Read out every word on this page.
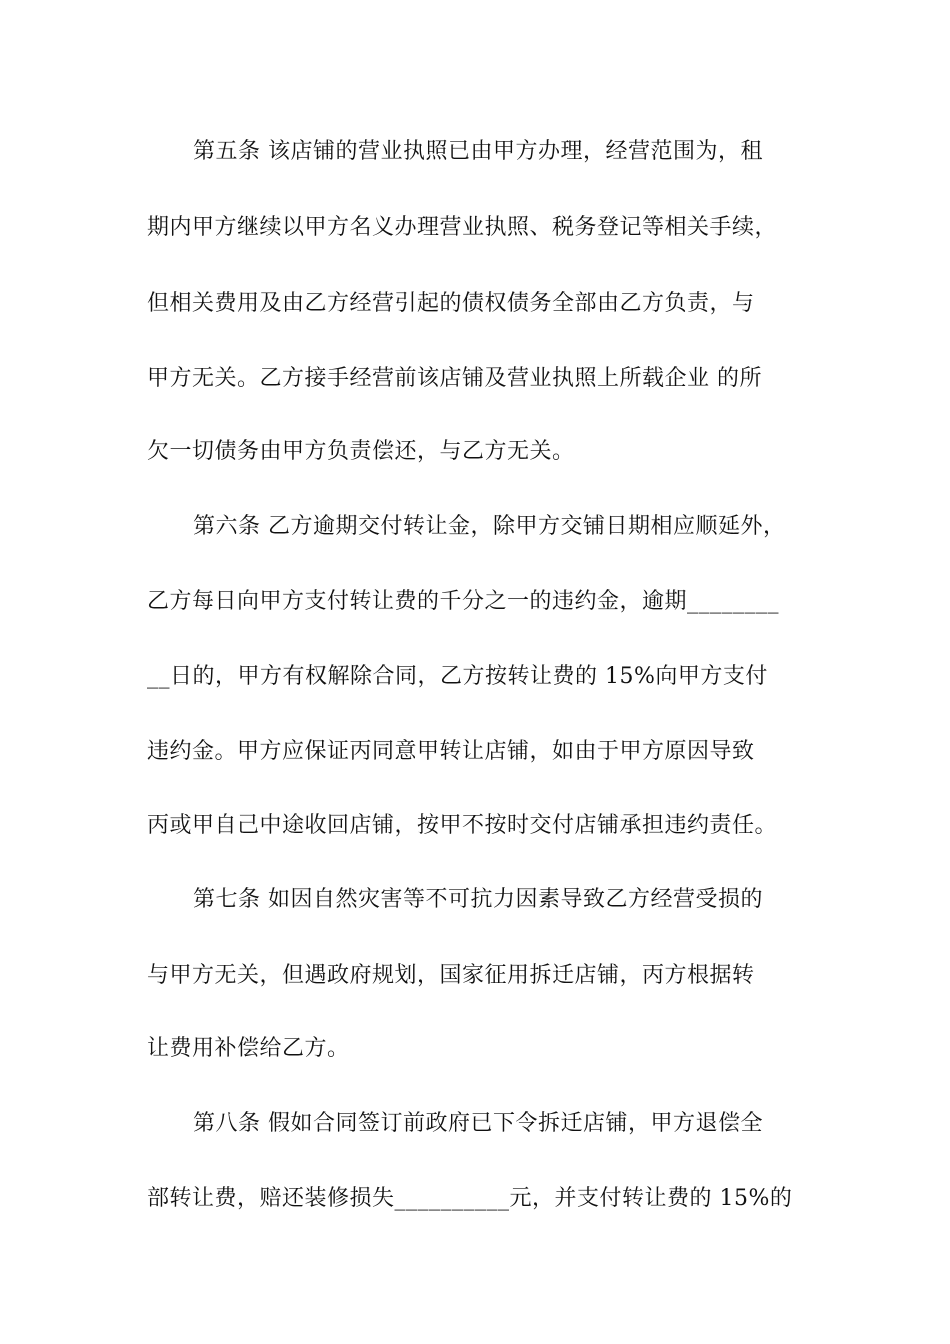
第五条 该店铺的营业执照已由甲方办理，经营范围为，租
期内甲方继续以甲方名义办理营业执照、税务登记等相关手续，
但相关费用及由乙方经营引起的债权债务全部由乙方负责，与
甲方无关。乙方接手经营前该店铺及营业执照上所载企业 的所
欠一切债务由甲方负责偿还，与乙方无关。
第六条 乙方逾期交付转让金，除甲方交铺日期相应顺延外，
乙方每日向甲方支付转让费的千分之一的违约金，逾期________
__日的，甲方有权解除合同，乙方按转让费的 15%向甲方支付
违约金。甲方应保证丙同意甲转让店铺，如由于甲方原因导致
丙或甲自己中途收回店铺，按甲不按时交付店铺承担违约责任。
第七条 如因自然灾害等不可抗力因素导致乙方经营受损的
与甲方无关，但遇政府规划，国家征用拆迁店铺，丙方根据转
让费用补偿给乙方。
第八条 假如合同签订前政府已下令拆迁店铺，甲方退偿全
部转让费，赔还装修损失__________元，并支付转让费的 15%的
